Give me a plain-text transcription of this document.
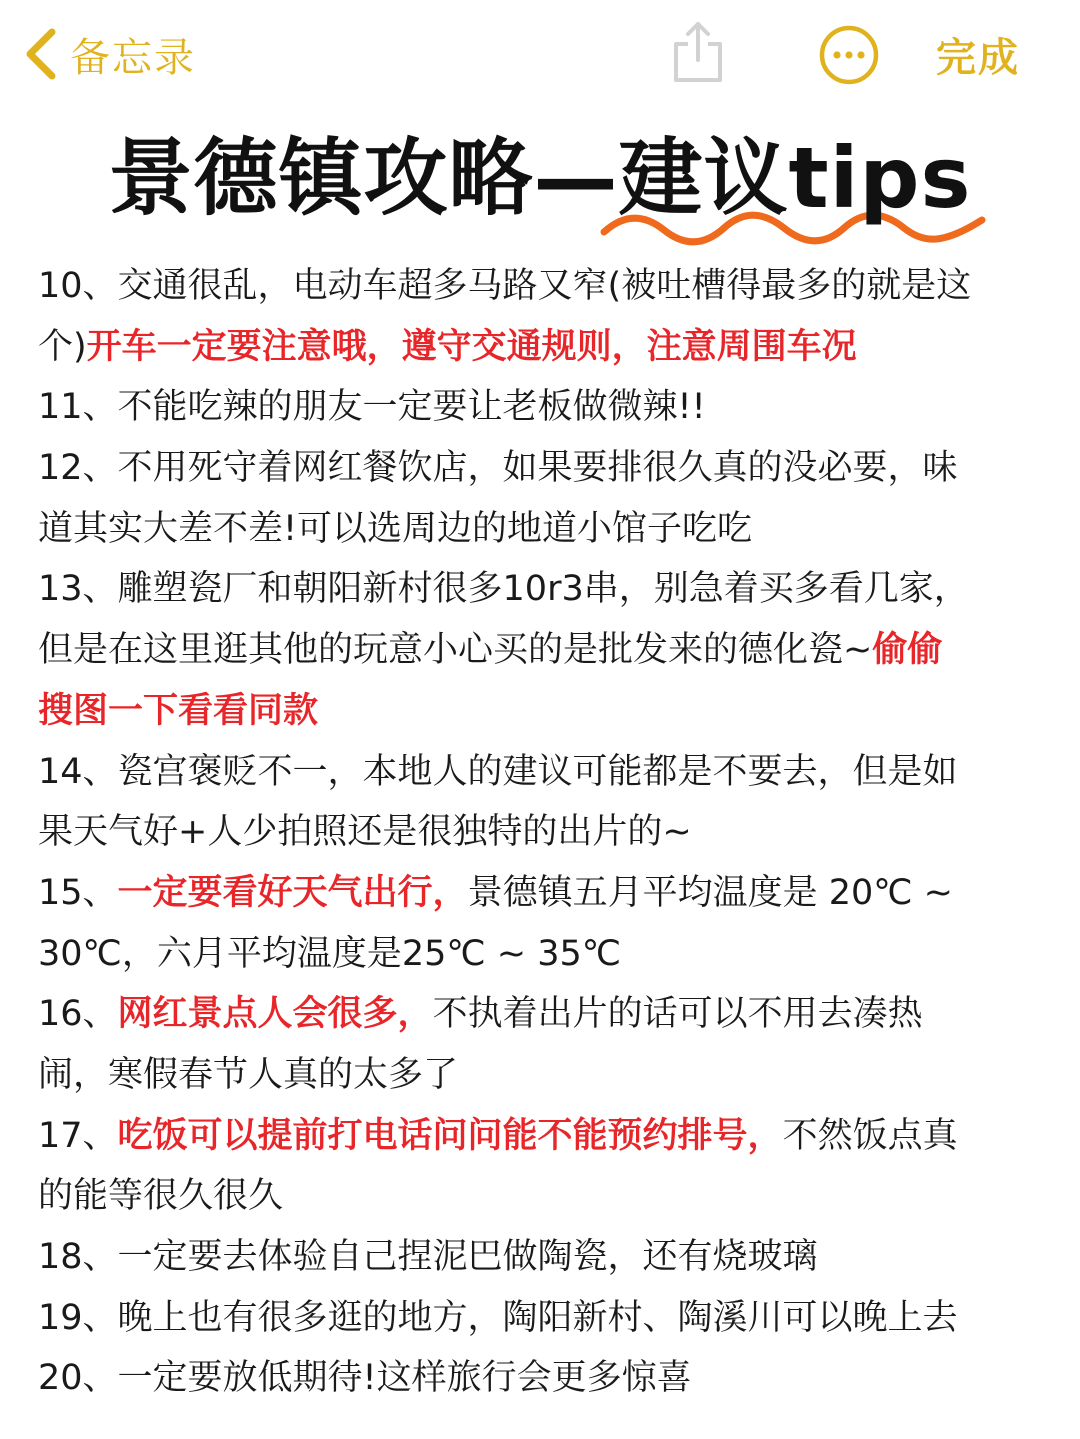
备忘录	完成
景德镇攻略—建议tips
10、交通很乱，电动车超多马路又窄(被吐槽得最多的就是这
个)开车一定要注意哦，遵守交通规则，注意周围车况
11、不能吃辣的朋友一定要让老板做微辣!!
12、不用死守着网红餐饮店，如果要排很久真的没必要，味
道其实大差不差!可以选周边的地道小馆子吃吃
13、雕塑瓷厂和朝阳新村很多10r3串，别急着买多看几家，
但是在这里逛其他的玩意小心买的是批发来的德化瓷~偷偷
搜图一下看看同款
14、瓷宫褒贬不一，本地人的建议可能都是不要去，但是如
果天气好+人少拍照还是很独特的出片的~
15、一定要看好天气出行，景德镇五月平均温度是 20℃ ~
30℃，六月平均温度是25℃ ~ 35℃
16、网红景点人会很多，不执着出片的话可以不用去凑热
闹，寒假春节人真的太多了
17、吃饭可以提前打电话问问能不能预约排号，不然饭点真
的能等很久很久
18、一定要去体验自己捏泥巴做陶瓷，还有烧玻璃
19、晚上也有很多逛的地方，陶阳新村、陶溪川可以晚上去
20、一定要放低期待!这样旅行会更多惊喜
